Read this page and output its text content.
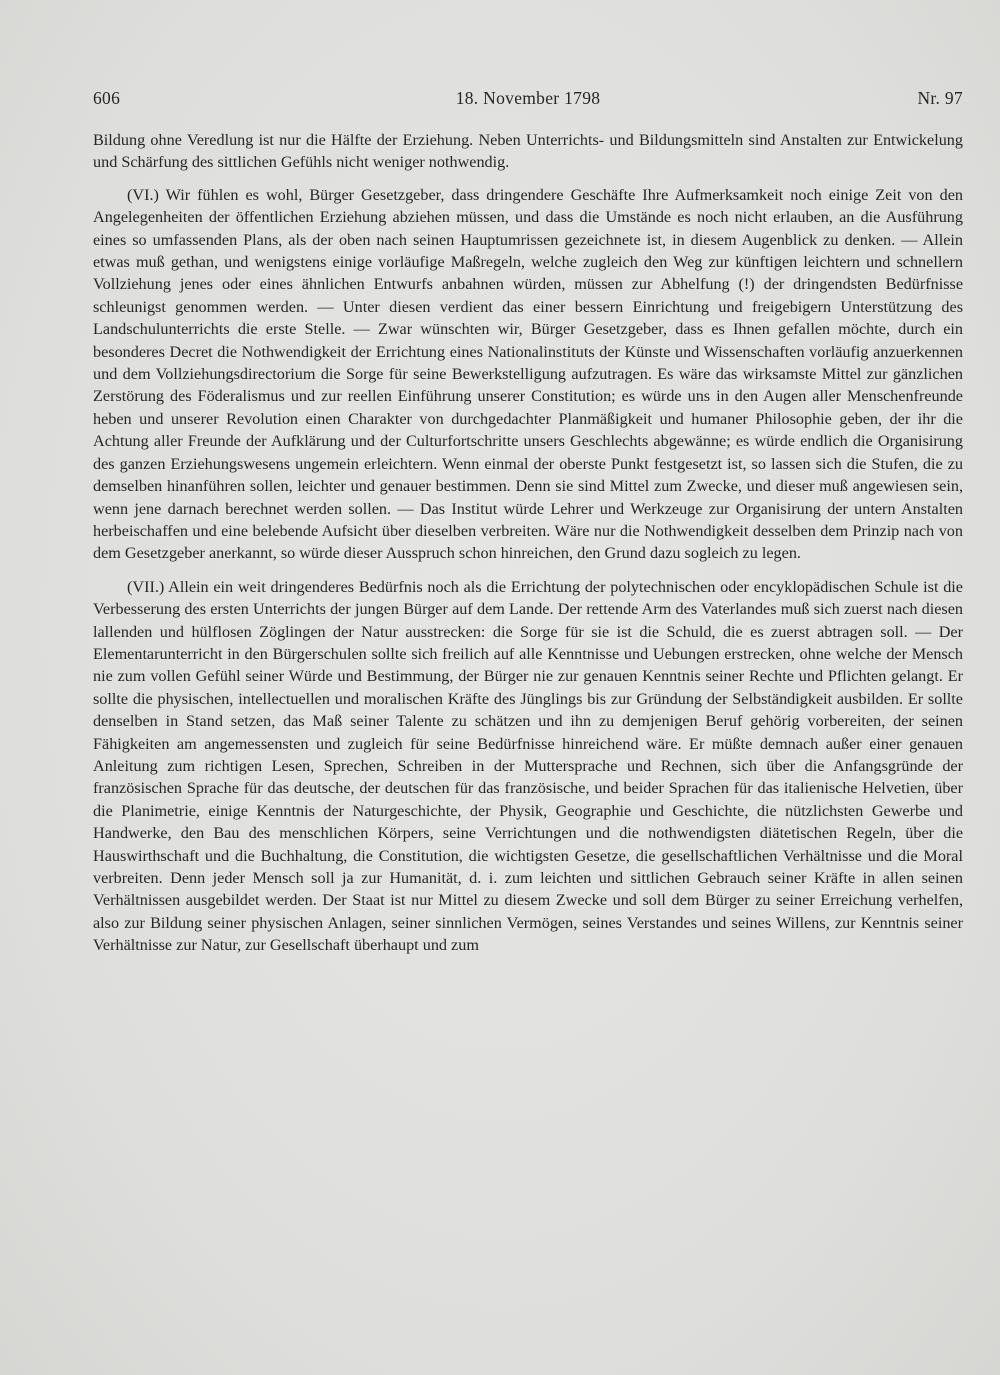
606	18. November 1798	Nr. 97

Bildung ohne Veredlung ist nur die Hälfte der Erziehung. Neben Unterrichts- und Bildungsmitteln sind Anstalten zur Entwickelung und Schärfung des sittlichen Gefühls nicht weniger nothwendig.

(VI.) Wir fühlen es wohl, Bürger Gesetzgeber, dass dringendere Geschäfte Ihre Aufmerksamkeit noch einige Zeit von den Angelegenheiten der öffentlichen Erziehung abziehen müssen, und dass die Umstände es noch nicht erlauben, an die Ausführung eines so umfassenden Plans, als der oben nach seinen Hauptumrissen gezeichnete ist, in diesem Augenblick zu denken. — Allein etwas muß gethan, und wenigstens einige vorläufige Maßregeln, welche zugleich den Weg zur künftigen leichtern und schnellern Vollziehung jenes oder eines ähnlichen Entwurfs anbahnen würden, müssen zur Abhelfung (!) der dringendsten Bedürfnisse schleunigst genommen werden. — Unter diesen verdient das einer bessern Einrichtung und freigebigern Unterstützung des Landschulunterrichts die erste Stelle. — Zwar wünschten wir, Bürger Gesetzgeber, dass es Ihnen gefallen möchte, durch ein besonderes Decret die Nothwendigkeit der Errichtung eines Nationalinstituts der Künste und Wissenschaften vorläufig anzuerkennen und dem Vollziehungsdirectorium die Sorge für seine Bewerkstelligung aufzutragen. Es wäre das wirksamste Mittel zur gänzlichen Zerstörung des Föderalismus und zur reellen Einführung unserer Constitution; es würde uns in den Augen aller Menschenfreunde heben und unserer Revolution einen Charakter von durchgedachter Planmäßigkeit und humaner Philosophie geben, der ihr die Achtung aller Freunde der Aufklärung und der Culturfortschritte unsers Geschlechts abgewänne; es würde endlich die Organisirung des ganzen Erziehungswesens ungemein erleichtern. Wenn einmal der oberste Punkt festgesetzt ist, so lassen sich die Stufen, die zu demselben hinanführen sollen, leichter und genauer bestimmen. Denn sie sind Mittel zum Zwecke, und dieser muß angewiesen sein, wenn jene darnach berechnet werden sollen. — Das Institut würde Lehrer und Werkzeuge zur Organisirung der untern Anstalten herbeischaffen und eine belebende Aufsicht über dieselben verbreiten. Wäre nur die Nothwendigkeit desselben dem Prinzip nach von dem Gesetzgeber anerkannt, so würde dieser Ausspruch schon hinreichen, den Grund dazu sogleich zu legen.

(VII.) Allein ein weit dringenderes Bedürfnis noch als die Errichtung der polytechnischen oder encyklopädischen Schule ist die Verbesserung des ersten Unterrichts der jungen Bürger auf dem Lande. Der rettende Arm des Vaterlandes muß sich zuerst nach diesen lallenden und hülflosen Zöglingen der Natur ausstrecken: die Sorge für sie ist die Schuld, die es zuerst abtragen soll. — Der Elementarunterricht in den Bürgerschulen sollte sich freilich auf alle Kenntnisse und Uebungen erstrecken, ohne welche der Mensch nie zum vollen Gefühl seiner Würde und Bestimmung, der Bürger nie zur genauen Kenntnis seiner Rechte und Pflichten gelangt. Er sollte die physischen, intellectuellen und moralischen Kräfte des Jünglings bis zur Gründung der Selbständigkeit ausbilden. Er sollte denselben in Stand setzen, das Maß seiner Talente zu schätzen und ihn zu demjenigen Beruf gehörig vorbereiten, der seinen Fähigkeiten am angemessensten und zugleich für seine Bedürfnisse hinreichend wäre. Er müßte demnach außer einer genauen Anleitung zum richtigen Lesen, Sprechen, Schreiben in der Muttersprache und Rechnen, sich über die Anfangsgründe der französischen Sprache für das deutsche, der deutschen für das französische, und beider Sprachen für das italienische Helvetien, über die Planimetrie, einige Kenntnis der Naturgeschichte, der Physik, Geographie und Geschichte, die nützlichsten Gewerbe und Handwerke, den Bau des menschlichen Körpers, seine Verrichtungen und die nothwendigsten diätetischen Regeln, über die Hauswirthschaft und die Buchhaltung, die Constitution, die wichtigsten Gesetze, die gesellschaftlichen Verhältnisse und die Moral verbreiten. Denn jeder Mensch soll ja zur Humanität, d. i. zum leichten und sittlichen Gebrauch seiner Kräfte in allen seinen Verhältnissen ausgebildet werden. Der Staat ist nur Mittel zu diesem Zwecke und soll dem Bürger zu seiner Erreichung verhelfen, also zur Bildung seiner physischen Anlagen, seiner sinnlichen Vermögen, seines Verstandes und seines Willens, zur Kenntnis seiner Verhältnisse zur Natur, zur Gesellschaft überhaupt und zum
